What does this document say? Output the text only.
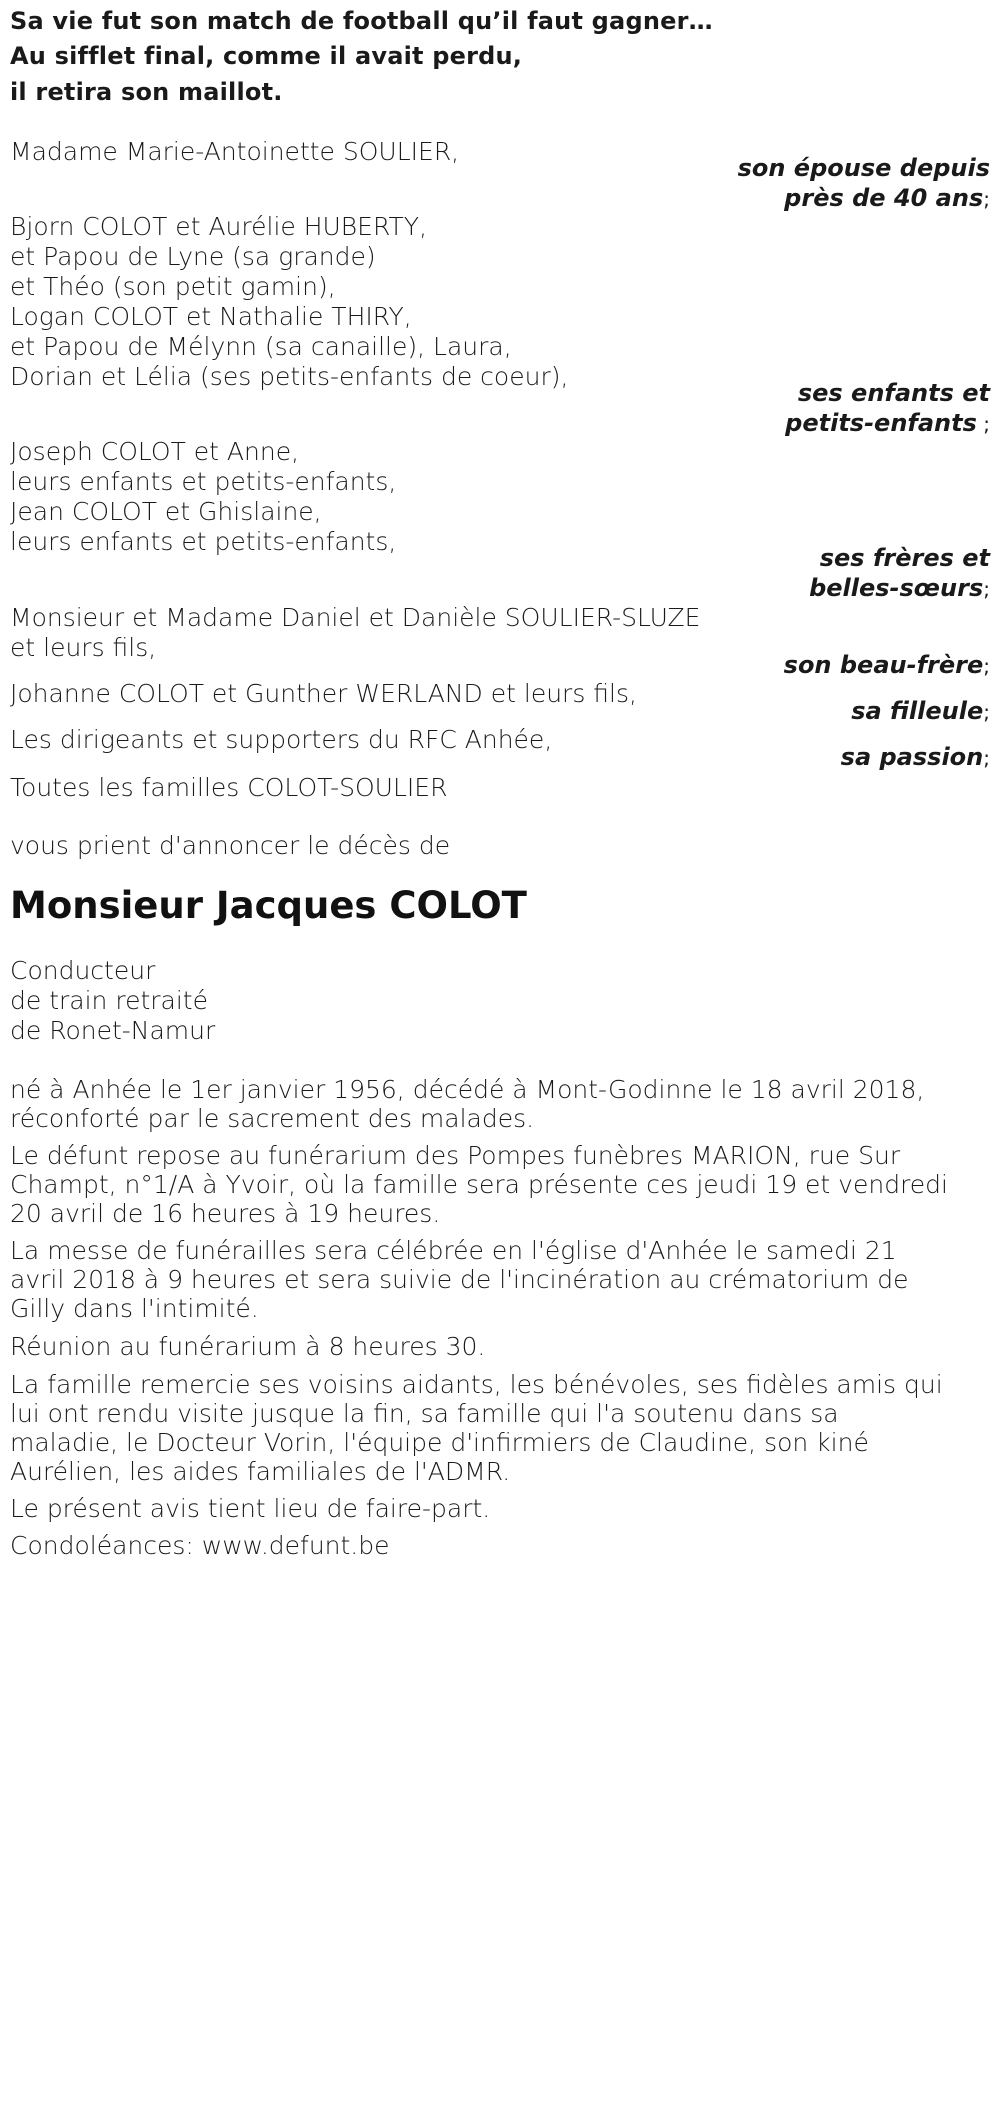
Sa vie fut son match de football qu’il faut gagner…
Au sifflet final, comme il avait perdu,
il retira son maillot.
Madame Marie-Antoinette SOULIER,
son épouse depuis
près de 40 ans;
Bjorn COLOT et Aurélie HUBERTY,
et Papou de Lyne (sa grande)
et Théo (son petit gamin),
Logan COLOT et Nathalie THIRY,
et Papou de Mélynn (sa canaille), Laura,
Dorian et Lélia (ses petits-enfants de coeur),
ses enfants et
petits-enfants ;
Joseph COLOT et Anne,
leurs enfants et petits-enfants,
Jean COLOT et Ghislaine,
leurs enfants et petits-enfants,
ses frères et
belles-sœurs;
Monsieur et Madame Daniel et Danièle SOULIER-SLUZE
et leurs fils,
son beau-frère;
Johanne COLOT et Gunther WERLAND et leurs fils,
sa filleule;
Les dirigeants et supporters du RFC Anhée,
sa passion;
Toutes les familles COLOT-SOULIER
vous prient d'annoncer le décès de
Monsieur Jacques COLOT
Conducteur
de train retraité
de Ronet-Namur
né à Anhée le 1er janvier 1956, décédé à Mont-Godinne le 18 avril 2018,
réconforté par le sacrement des malades.
Le défunt repose au funérarium des Pompes funèbres MARION, rue Sur
Champt, n°1/A à Yvoir, où la famille sera présente ces jeudi 19 et vendredi
20 avril de 16 heures à 19 heures.
La messe de funérailles sera célébrée en l'église d'Anhée le samedi 21
avril 2018 à 9 heures et sera suivie de l'incinération au crématorium de
Gilly dans l'intimité.
Réunion au funérarium à 8 heures 30.
La famille remercie ses voisins aidants, les bénévoles, ses fidèles amis qui
lui ont rendu visite jusque la fin, sa famille qui l'a soutenu dans sa
maladie, le Docteur Vorin, l'équipe d'infirmiers de Claudine, son kiné
Aurélien, les aides familiales de l'ADMR.
Le présent avis tient lieu de faire-part.
Condoléances: www.defunt.be
